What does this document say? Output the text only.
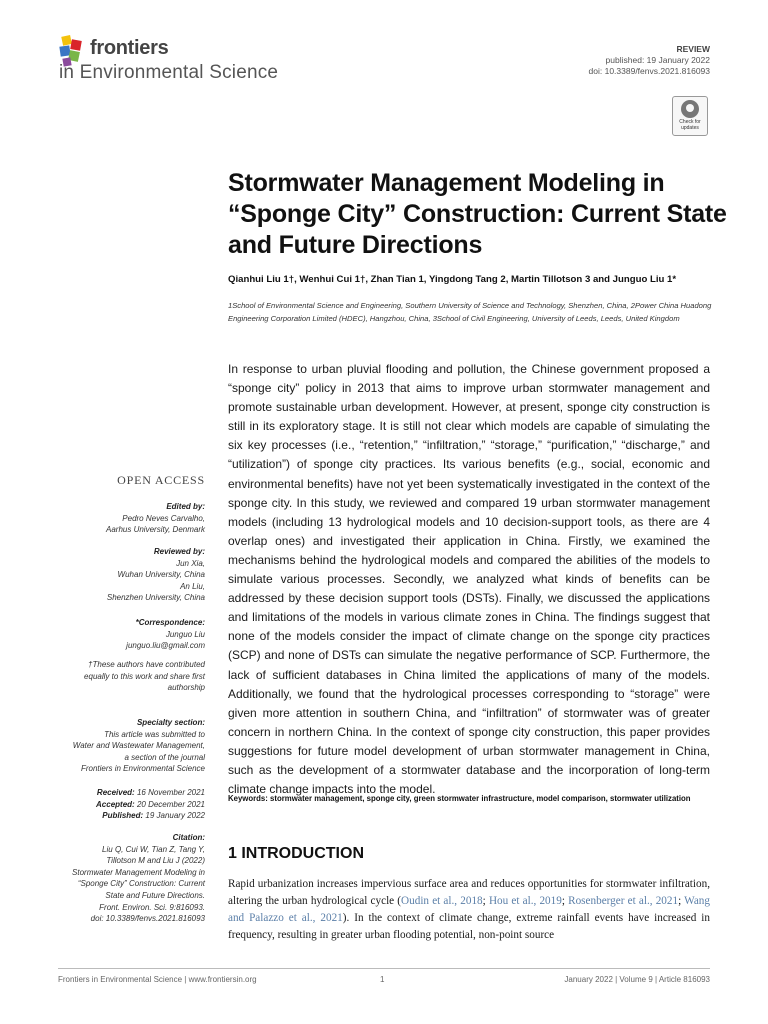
frontiers
in Environmental Science
REVIEW
published: 19 January 2022
doi: 10.3389/fenvs.2021.816093
Check for updates
Stormwater Management Modeling in “Sponge City” Construction: Current State and Future Directions
Qianhui Liu 1†, Wenhui Cui 1†, Zhan Tian 1, Yingdong Tang 2, Martin Tillotson 3 and Junguo Liu 1*
1School of Environmental Science and Engineering, Southern University of Science and Technology, Shenzhen, China, 2Power China Huadong Engineering Corporation Limited (HDEC), Hangzhou, China, 3School of Civil Engineering, University of Leeds, Leeds, United Kingdom
In response to urban pluvial flooding and pollution, the Chinese government proposed a “sponge city” policy in 2013 that aims to improve urban stormwater management and promote sustainable urban development. However, at present, sponge city construction is still in its exploratory stage. It is still not clear which models are capable of simulating the six key processes (i.e., “retention,” “infiltration,” “storage,” “purification,” “discharge,” and “utilization”) of sponge city practices. Its various benefits (e.g., social, economic and environmental benefits) have not yet been systematically investigated in the context of the sponge city. In this study, we reviewed and compared 19 urban stormwater management models (including 13 hydrological models and 10 decision-support tools, as there are 4 overlap ones) and investigated their application in China. Firstly, we examined the mechanisms behind the hydrological models and compared the abilities of the models to simulate various processes. Secondly, we analyzed what kinds of benefits can be addressed by these decision support tools (DSTs). Finally, we discussed the applications and limitations of the models in various climate zones in China. The findings suggest that none of the models consider the impact of climate change on the sponge city practices (SCP) and none of DSTs can simulate the negative performance of SCP. Furthermore, the lack of sufficient databases in China limited the applications of many of the models. Additionally, we found that the hydrological processes corresponding to “storage” were given more attention in southern China, and “infiltration” of stormwater was of greater concern in northern China. In the context of sponge city construction, this paper provides suggestions for future model development of urban stormwater management in China, such as the development of a stormwater database and the incorporation of long-term climate change impacts into the model.
Keywords: stormwater management, sponge city, green stormwater infrastructure, model comparison, stormwater utilization
1 INTRODUCTION
Rapid urbanization increases impervious surface area and reduces opportunities for stormwater infiltration, altering the urban hydrological cycle (Oudin et al., 2018; Hou et al., 2019; Rosenberger et al., 2021; Wang and Palazzo et al., 2021). In the context of climate change, extreme rainfall events have increased in frequency, resulting in greater urban flooding potential, non-point source
OPEN ACCESS
Edited by:
Pedro Neves Carvalho,
Aarhus University, Denmark
Reviewed by:
Jun Xia,
Wuhan University, China
An Liu,
Shenzhen University, China
*Correspondence:
Junguo Liu
junguo.liu@gmail.com
†These authors have contributed
equally to this work and share first
authorship
Specialty section:
This article was submitted to
Water and Wastewater Management,
a section of the journal
Frontiers in Environmental Science
Received: 16 November 2021
Accepted: 20 December 2021
Published: 19 January 2022
Citation:
Liu Q, Cui W, Tian Z, Tang Y,
Tillotson M and Liu J (2022)
Stormwater Management Modeling in
“Sponge City” Construction: Current
State and Future Directions.
Front. Environ. Sci. 9:816093.
doi: 10.3389/fenvs.2021.816093
Frontiers in Environmental Science | www.frontiersin.org	1	January 2022 | Volume 9 | Article 816093
